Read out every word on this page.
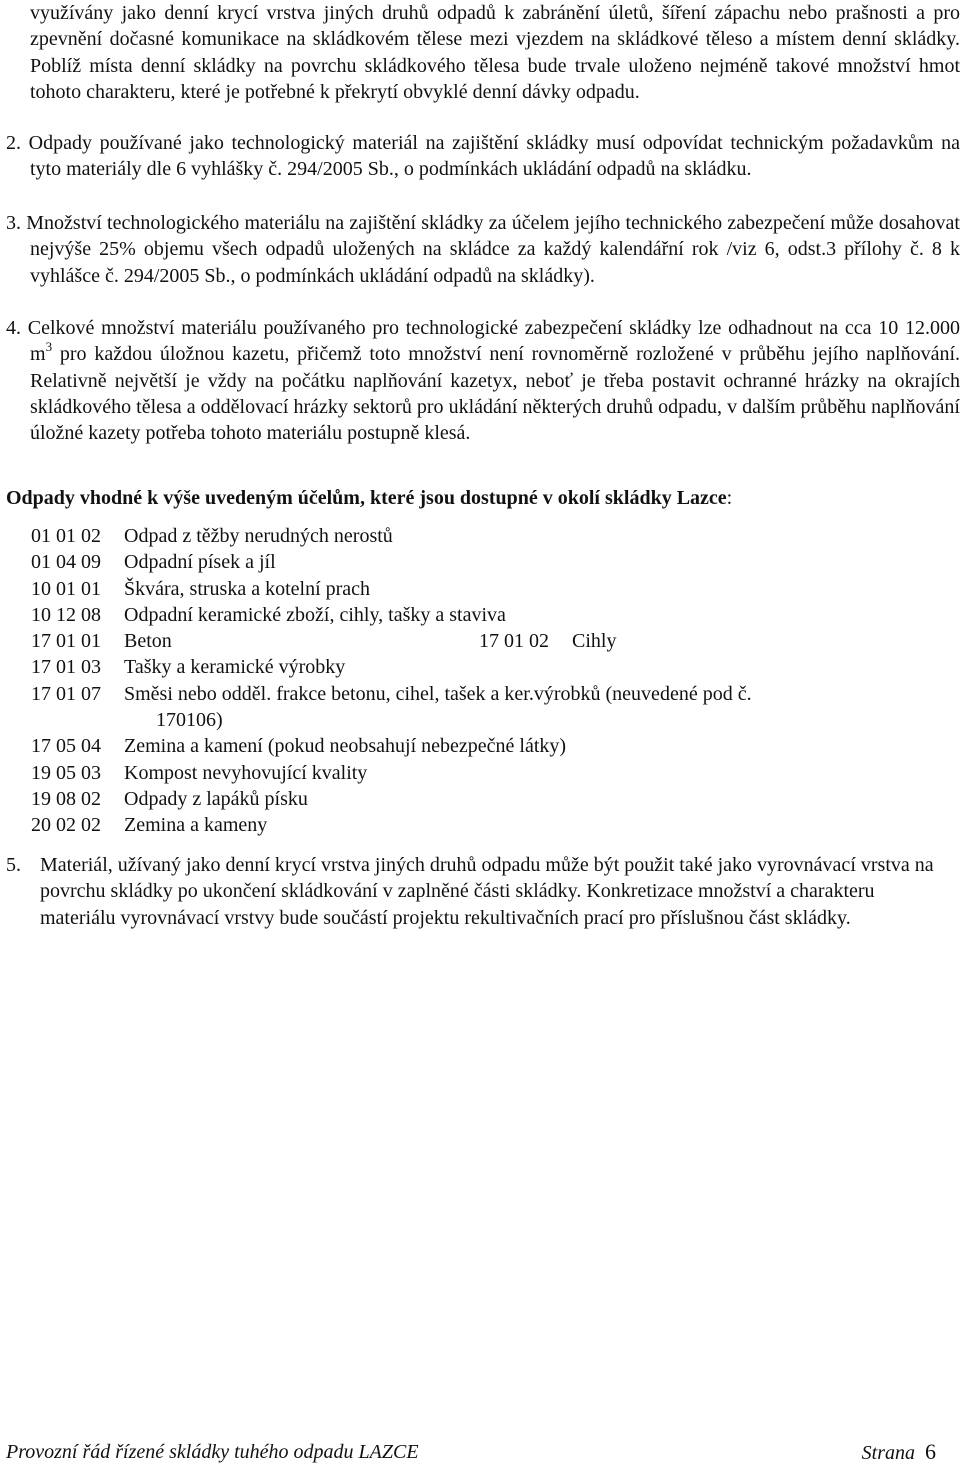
využívány jako denní krycí vrstva jiných druhů odpadů k zabránění úletů, šíření zápachu nebo prašnosti a pro zpevnění dočasné komunikace na skládkovém tělese mezi vjezdem na skládkové těleso a místem denní skládky. Poblíž místa denní skládky na povrchu skládkového tělesa bude trvale uloženo nejméně takové množství hmot tohoto charakteru, které je potřebné k překrytí obvyklé denní dávky odpadu.

2. Odpady používané jako technologický materiál na zajištění skládky musí odpovídat technickým požadavkům na tyto materiály dle 6 vyhlášky č. 294/2005 Sb., o podmínkách ukládání odpadů na skládku.

3. Množství technologického materiálu na zajištění skládky za účelem jejího technického zabezpečení může dosahovat nejvýše 25% objemu všech odpadů uložených na skládce za každý kalendářní rok /viz 6, odst.3 přílohy č. 8 k vyhlášce č. 294/2005 Sb., o podmínkách ukládání odpadů na skládky).

4. Celkové množství materiálu používaného pro technologické zabezpečení skládky lze odhadnout na cca 10 12.000 $m^3$ pro každou úložnou kazetu, přičemž toto množství není rovnoměrně rozložené v průběhu jejího naplňování. Relativně největší je vždy na počátku naplňování kazetyx, neboť je třeba postavit ochranné hrázky na okrajích skládkového tělesa a oddělovací hrázky sektorů pro ukládání některých druhů odpadu, v dalším průběhu naplňování úložné kazety potřeba tohoto materiálu postupně klesá.

Odpady vhodné k výše uvedeným účelům, které jsou dostupné v okolí skládky Lazce:

01 01 02 Odpad z těžby nerudných nerostů
01 04 09 Odpadní písek a jíl
10 01 01 Škvára, struska a kotelní prach
10 12 08 Odpadní keramické zboží, cihly, tašky a staviva
17 01 01 Beton	17 01 02 Cihly
17 01 03 Tašky a keramické výrobky
17 01 07 Směsi nebo odděl. frakce betonu, cihel, tašek a ker.výrobků (neuvedené pod č.
170106)
17 05 04 Zemina a kamení (pokud neobsahují nebezpečné látky)
19 05 03 Kompost nevyhovující kvality
19 08 02 Odpady z lapáků písku
20 02 02 Zemina a kameny

5. Materiál, užívaný jako denní krycí vrstva jiných druhů odpadu může být použit také jako vyrovnávací vrstva na povrchu skládky po ukončení skládkování v zaplněné části skládky. Konkretizace množství a charakteru materiálu vyrovnávací vrstvy bude součástí projektu rekultivačních prací pro příslušnou část skládky.

Provozní řád řízené skládky tuhého odpadu LAZCE	Strana 6
